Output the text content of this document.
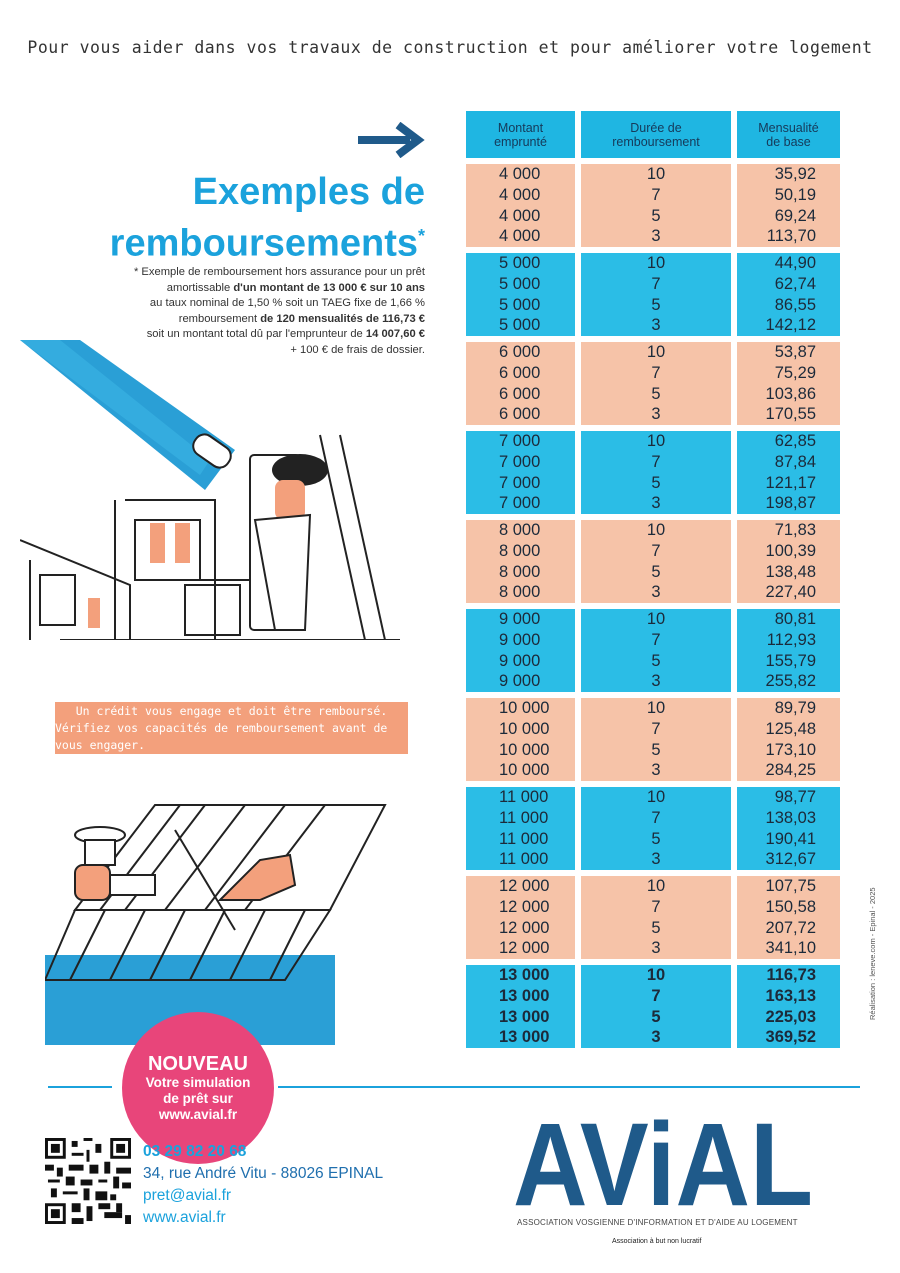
Pour vous aider dans vos travaux de construction et pour améliorer votre logement
Exemples de
remboursements*
* Exemple de remboursement hors assurance pour un prêt
amortissable d'un montant de 13 000 € sur 10 ans
au taux nominal de 1,50 % soit un TAEG fixe de 1,66 %
remboursement de 120 mensualités de 116,73 €
soit un montant total dû par l'emprunteur de 14 007,60 €
+ 100 € de frais de dossier.
Un crédit vous engage et doit être remboursé.
Vérifiez vos capacités de remboursement avant de vous engager.
Montant
emprunté
Durée de
remboursement
Mensualité
de base
4 000
4 000
4 000
4 000
10
7
5
3
35,92
50,19
69,24
113,70
5 000
5 000
5 000
5 000
10
7
5
3
44,90
62,74
86,55
142,12
6 000
6 000
6 000
6 000
10
7
5
3
53,87
75,29
103,86
170,55
7 000
7 000
7 000
7 000
10
7
5
3
62,85
87,84
121,17
198,87
8 000
8 000
8 000
8 000
10
7
5
3
71,83
100,39
138,48
227,40
9 000
9 000
9 000
9 000
10
7
5
3
80,81
112,93
155,79
255,82
10 000
10 000
10 000
10 000
10
7
5
3
89,79
125,48
173,10
284,25
11 000
11 000
11 000
11 000
10
7
5
3
98,77
138,03
190,41
312,67
12 000
12 000
12 000
12 000
10
7
5
3
107,75
150,58
207,72
341,10
13 000
13 000
13 000
13 000
10
7
5
3
116,73
163,13
225,03
369,52
NOUVEAU
Votre simulation
de prêt sur
www.avial.fr
03 29 82 20 68
34, rue André Vitu - 88026 EPINAL
pret@avial.fr
www.avial.fr	AViAL
ASSOCIATION VOSGIENNE D'INFORMATION ET D'AIDE AU LOGEMENT
Association à but non lucratif
Réalisation : leneve.com - Epinal - 2025
